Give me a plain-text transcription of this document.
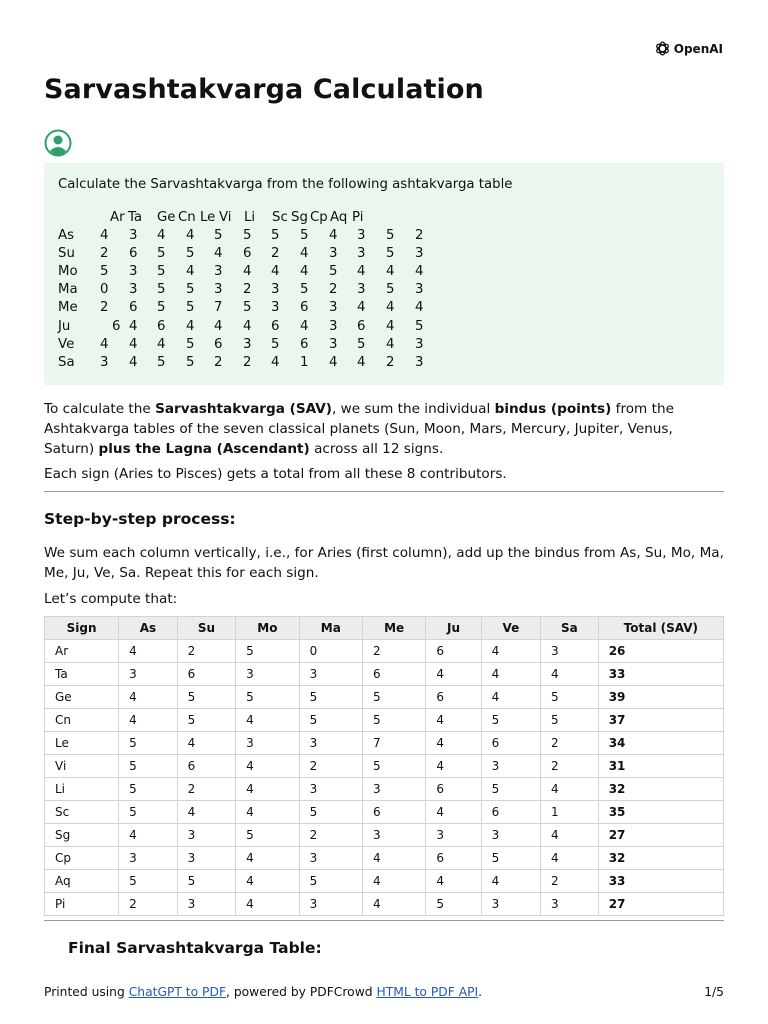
OpenAI
Sarvashtakvarga Calculation

Calculate the Sarvashtakvarga from the following ashtakvarga table

Ar Ta Ge Cn Le Vi Li Sc Sg Cp Aq Pi
As 4 3 4 4 5 5 5 5 4 3 5 2
Su 2 6 5 5 4 6 2 4 3 3 5 3
Mo 5 3 5 4 3 4 4 4 5 4 4 4
Ma 0 3 5 5 3 2 3 5 2 3 5 3
Me 2 6 5 5 7 5 3 6 3 4 4 4
Ju	6 4 6 4 4 4 6 4 3 6 4 5
Ve 4 4 4 5 6 3 5 6 3 5 4 3
Sa 3 4 5 5 2 2 4 1 4 4 2 3

To calculate the Sarvashtakvarga (SAV), we sum the individual bindus (points) from the Ashtakvarga tables of the seven classical planets (Sun, Moon, Mars, Mercury, Jupiter, Venus, Saturn) plus the Lagna (Ascendant) across all 12 signs.

Each sign (Aries to Pisces) gets a total from all these 8 contributors.

Step-by-step process:

We sum each column vertically, i.e., for Aries (first column), add up the bindus from As, Su, Mo, Ma, Me, Ju, Ve, Sa. Repeat this for each sign.

Let’s compute that:

Sign	As	Su	Mo	Ma	Me	Ju	Ve	Sa	Total (SAV)
Ar	4	2	5	0	2	6	4	3	26
Ta	3	6	3	3	6	4	4	4	33
Ge	4	5	5	5	5	6	4	5	39
Cn	4	5	4	5	5	4	5	5	37
Le	5	4	3	3	7	4	6	2	34
Vi	5	6	4	2	5	4	3	2	31
Li	5	2	4	3	3	6	5	4	32
Sc	5	4	4	5	6	4	6	1	35
Sg	4	3	5	2	3	3	3	4	27
Cp	3	3	4	3	4	6	5	4	32
Aq	5	5	4	5	4	4	4	2	33
Pi	2	3	4	3	4	5	3	3	27
Final Sarvashtakvarga Table:
Printed using ChatGPT to PDF, powered by PDFCrowd HTML to PDF API.	1/5
